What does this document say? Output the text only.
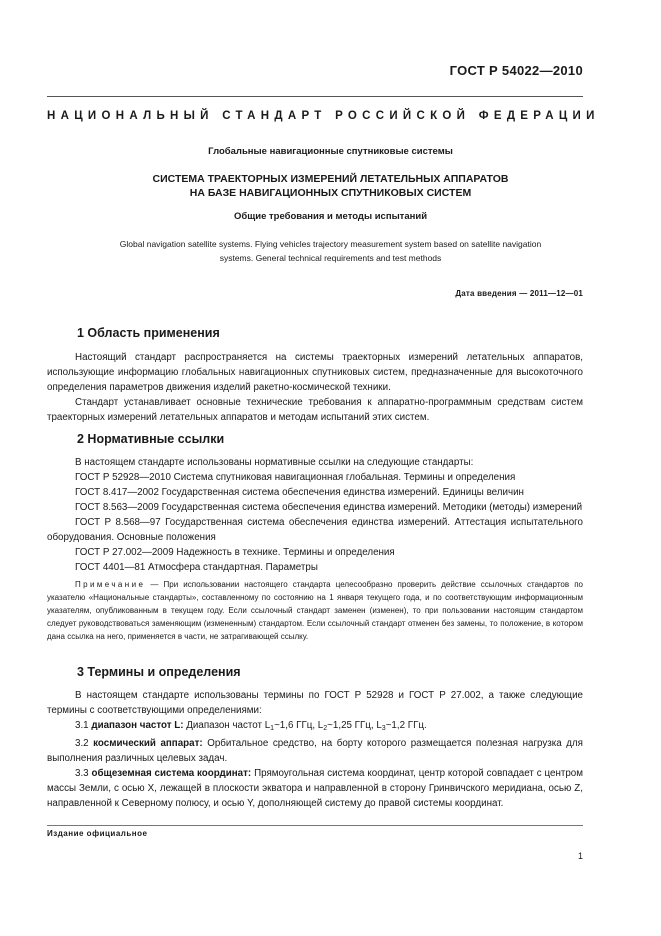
ГОСТ Р 54022—2010
НАЦИОНАЛЬНЫЙ СТАНДАРТ РОССИЙСКОЙ ФЕДЕРАЦИИ
Глобальные навигационные спутниковые системы
СИСТЕМА ТРАЕКТОРНЫХ ИЗМЕРЕНИЙ ЛЕТАТЕЛЬНЫХ АППАРАТОВ
НА БАЗЕ НАВИГАЦИОННЫХ СПУТНИКОВЫХ СИСТЕМ
Общие требования и методы испытаний
Global navigation satellite systems. Flying vehicles trajectory measurement system based on satellite navigation
systems. General technical requirements and test methods
Дата введения — 2011—12—01
1 Область применения

Настоящий стандарт распространяется на системы траекторных измерений летательных аппаратов, использующие информацию глобальных навигационных спутниковых систем, предназначенные для высокоточного определения параметров движения изделий ракетно-космической техники.

Стандарт устанавливает основные технические требования к аппаратно-программным средствам систем траекторных измерений летательных аппаратов и методам испытаний этих систем.

2 Нормативные ссылки

В настоящем стандарте использованы нормативные ссылки на следующие стандарты:

ГОСТ Р 52928—2010 Система спутниковая навигационная глобальная. Термины и определения
ГОСТ 8.417—2002 Государственная система обеспечения единства измерений. Единицы величин
ГОСТ 8.563—2009 Государственная система обеспечения единства измерений. Методики (методы) измерений
ГОСТ Р 8.568—97 Государственная система обеспечения единства измерений. Аттестация испытательного оборудования. Основные положения
ГОСТ Р 27.002—2009 Надежность в технике. Термины и определения
ГОСТ 4401—81 Атмосфера стандартная. Параметры
Примечание — При использовании настоящего стандарта целесообразно проверить действие ссылочных стандартов по указателю «Национальные стандарты», составленному по состоянию на 1 января текущего года, и по соответствующим информационным указателям, опубликованным в текущем году. Если ссылочный стандарт заменен (изменен), то при пользовании настоящим стандартом следует руководствоваться заменяющим (измененным) стандартом. Если ссылочный стандарт отменен без замены, то положение, в котором дана ссылка на него, применяется в части, не затрагивающей ссылку.
3 Термины и определения

В настоящем стандарте использованы термины по ГОСТ Р 52928 и ГОСТ Р 27.002, а также следующие термины с соответствующими определениями:

3.1 диапазон частот L: Диапазон частот $L_1\sim 1,6$ ГГц, $L_2\sim 1,25$ ГГц, $L_3\sim 1,2$ ГГц.

3.2 космический аппарат: Орбитальное средство, на борту которого размещается полезная нагрузка для выполнения различных целевых задач.

3.3 общеземная система координат: Прямоугольная система координат, центр которой совпадает с центром массы Земли, с осью X, лежащей в плоскости экватора и направленной в сторону Гринвичского меридиана, осью Z, направленной к Северному полюсу, и осью Y, дополняющей систему до правой системы координат.

Издание официальное
1
